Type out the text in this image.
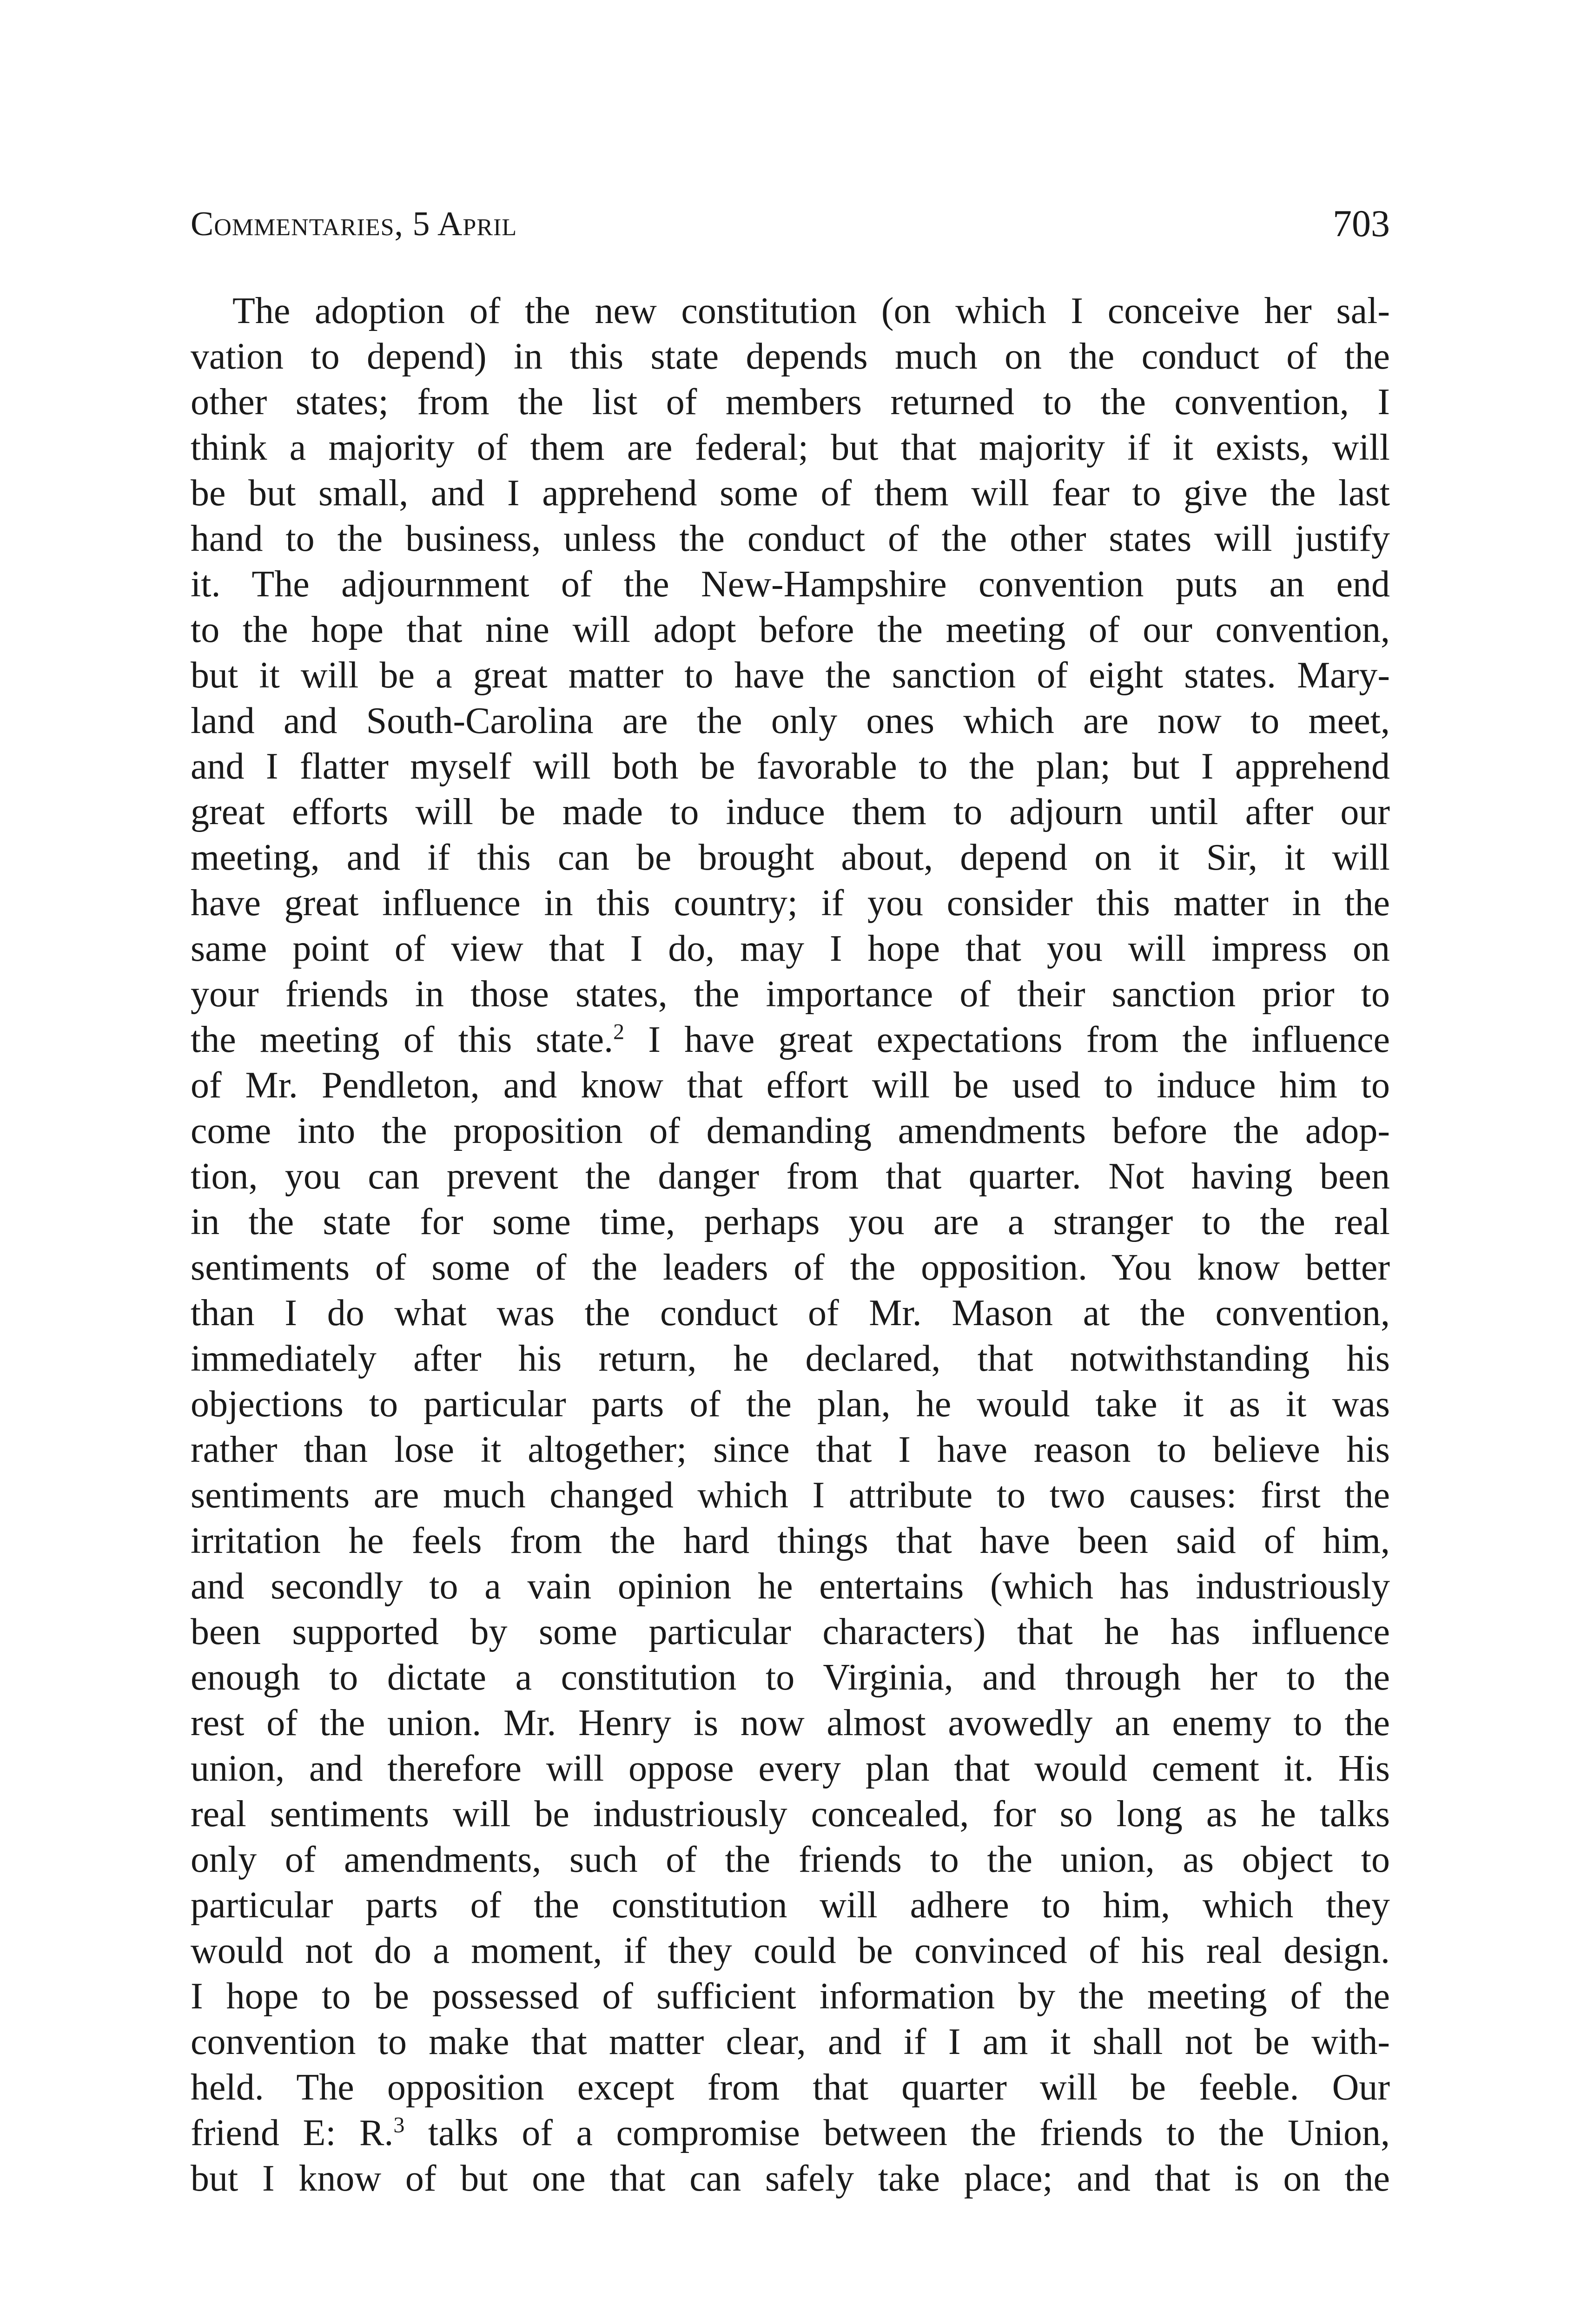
Commentaries, 5 April	703
The adoption of the new constitution (on which I conceive her sal-
vation to depend) in this state depends much on the conduct of the
other states; from the list of members returned to the convention, I
think a majority of them are federal; but that majority if it exists, will
be but small, and I apprehend some of them will fear to give the last
hand to the business, unless the conduct of the other states will justify
it. The adjournment of the New-Hampshire convention puts an end
to the hope that nine will adopt before the meeting of our convention,
but it will be a great matter to have the sanction of eight states. Mary-
land and South-Carolina are the only ones which are now to meet,
and I flatter myself will both be favorable to the plan; but I apprehend
great efforts will be made to induce them to adjourn until after our
meeting, and if this can be brought about, depend on it Sir, it will
have great influence in this country; if you consider this matter in the
same point of view that I do, may I hope that you will impress on
your friends in those states, the importance of their sanction prior to
the meeting of this state.$^2$ I have great expectations from the influence
of Mr. Pendleton, and know that effort will be used to induce him to
come into the proposition of demanding amendments before the adop-
tion, you can prevent the danger from that quarter. Not having been
in the state for some time, perhaps you are a stranger to the real
sentiments of some of the leaders of the opposition. You know better
than I do what was the conduct of Mr. Mason at the convention,
immediately after his return, he declared, that notwithstanding his
objections to particular parts of the plan, he would take it as it was
rather than lose it altogether; since that I have reason to believe his
sentiments are much changed which I attribute to two causes: first the
irritation he feels from the hard things that have been said of him,
and secondly to a vain opinion he entertains (which has industriously
been supported by some particular characters) that he has influence
enough to dictate a constitution to Virginia, and through her to the
rest of the union. Mr. Henry is now almost avowedly an enemy to the
union, and therefore will oppose every plan that would cement it. His
real sentiments will be industriously concealed, for so long as he talks
only of amendments, such of the friends to the union, as object to
particular parts of the constitution will adhere to him, which they
would not do a moment, if they could be convinced of his real design.
I hope to be possessed of sufficient information by the meeting of the
convention to make that matter clear, and if I am it shall not be with-
held. The opposition except from that quarter will be feeble. Our
friend E: R.$^3$ talks of a compromise between the friends to the Union,
but I know of but one that can safely take place; and that is on the
